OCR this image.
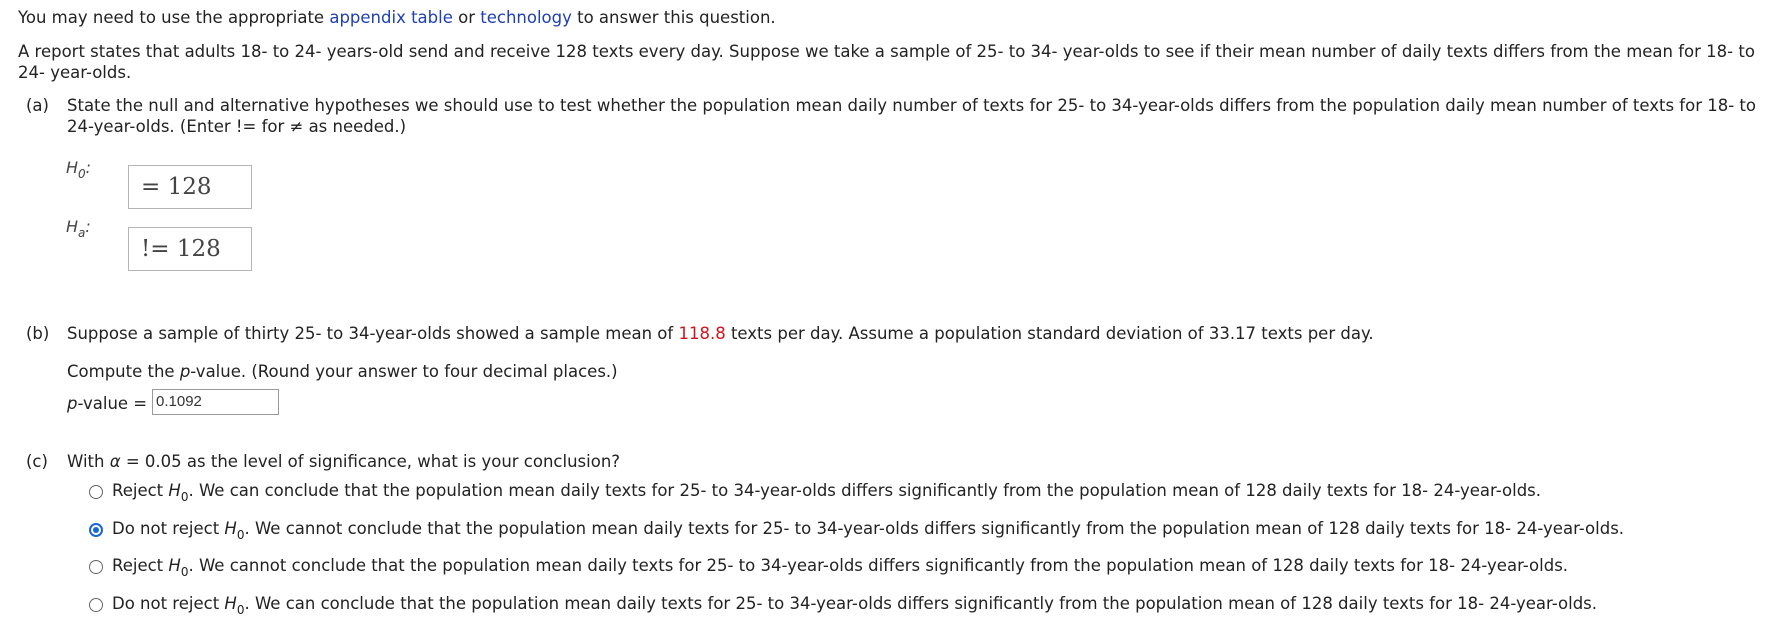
You may need to use the appropriate appendix table or technology to answer this question.
A report states that adults 18- to 24- years-old send and receive 128 texts every day. Suppose we take a sample of 25- to 34- year-olds to see if their mean number of daily texts differs from the mean for 18- to
24- year-olds.
(a) State the null and alternative hypotheses we should use to test whether the population mean daily number of texts for 25- to 34-year-olds differs from the population daily mean number of texts for 18- to
24-year-olds. (Enter != for ≠ as needed.)
$H_0$:
= 128
$H_a$:
!= 128
(b) Suppose a sample of thirty 25- to 34-year-olds showed a sample mean of 118.8 texts per day. Assume a population standard deviation of 33.17 texts per day.
Compute the p-value. (Round your answer to four decimal places.)
p-value = 0.1092
(c) With α = 0.05 as the level of significance, what is your conclusion?
Reject $H_0$. We can conclude that the population mean daily texts for 25- to 34-year-olds differs significantly from the population mean of 128 daily texts for 18- 24-year-olds.
Do not reject $H_0$. We cannot conclude that the population mean daily texts for 25- to 34-year-olds differs significantly from the population mean of 128 daily texts for 18- 24-year-olds.
Reject $H_0$. We cannot conclude that the population mean daily texts for 25- to 34-year-olds differs significantly from the population mean of 128 daily texts for 18- 24-year-olds.
Do not reject $H_0$. We can conclude that the population mean daily texts for 25- to 34-year-olds differs significantly from the population mean of 128 daily texts for 18- 24-year-olds.
